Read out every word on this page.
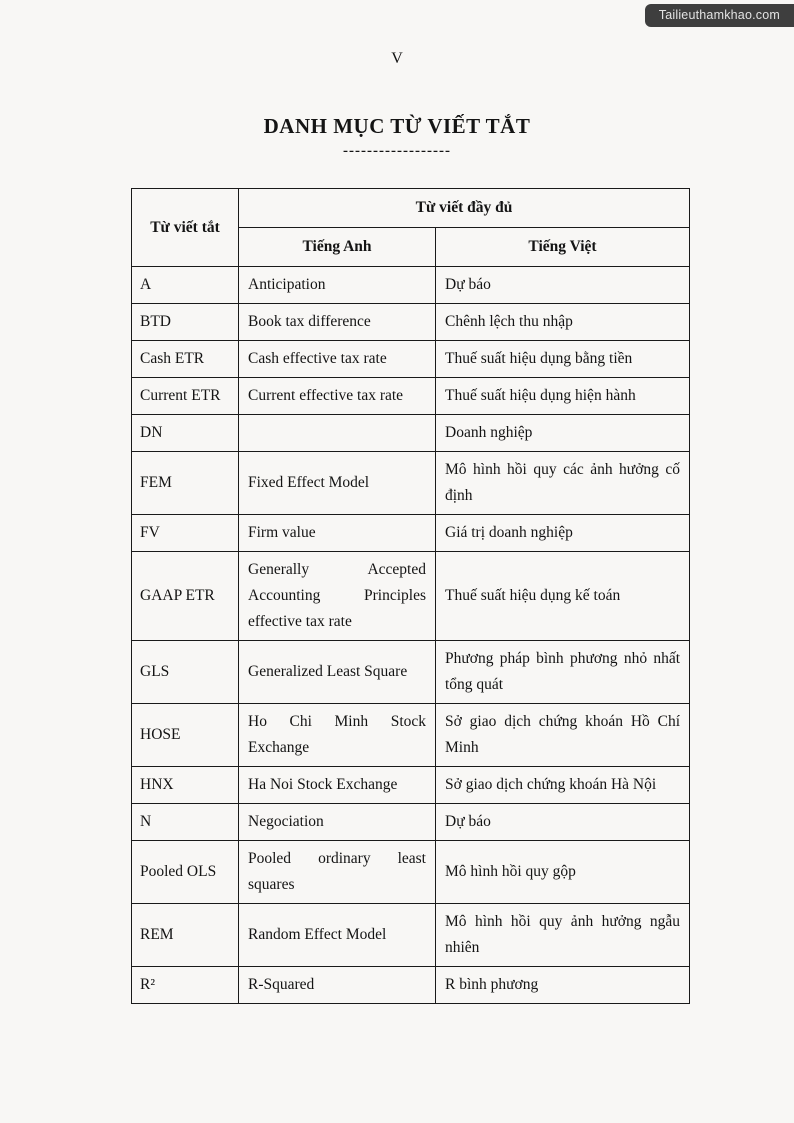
Tailieuthamkhao.com
V
DANH MỤC TỪ VIẾT TẮT
------------------
Từ viết tắt	Từ viết đầy đủ	
	Tiếng Anh	Tiếng Việt
A	Anticipation	Dự báo
BTD	Book tax difference	Chênh lệch thu nhập
Cash ETR	Cash effective tax rate	Thuế suất hiệu dụng bằng tiền
Current ETR	Current effective tax rate	Thuế suất hiệu dụng hiện hành
DN		Doanh nghiệp
FEM	Fixed Effect Model	Mô hình hồi quy các ảnh hưởng cố định
FV	Firm value	Giá trị doanh nghiệp
GAAP ETR	Generally Accepted Accounting Principles effective tax rate	Thuế suất hiệu dụng kế toán
GLS	Generalized Least Square	Phương pháp bình phương nhỏ nhất tổng quát
HOSE	Ho Chi Minh Stock Exchange	Sở giao dịch chứng khoán Hồ Chí Minh
HNX	Ha Noi Stock Exchange	Sở giao dịch chứng khoán Hà Nội
N	Negociation	Dự báo
Pooled OLS	Pooled ordinary least squares	Mô hình hồi quy gộp
REM	Random Effect Model	Mô hình hồi quy ảnh hưởng ngẫu nhiên
R²	R-Squared	R bình phương
